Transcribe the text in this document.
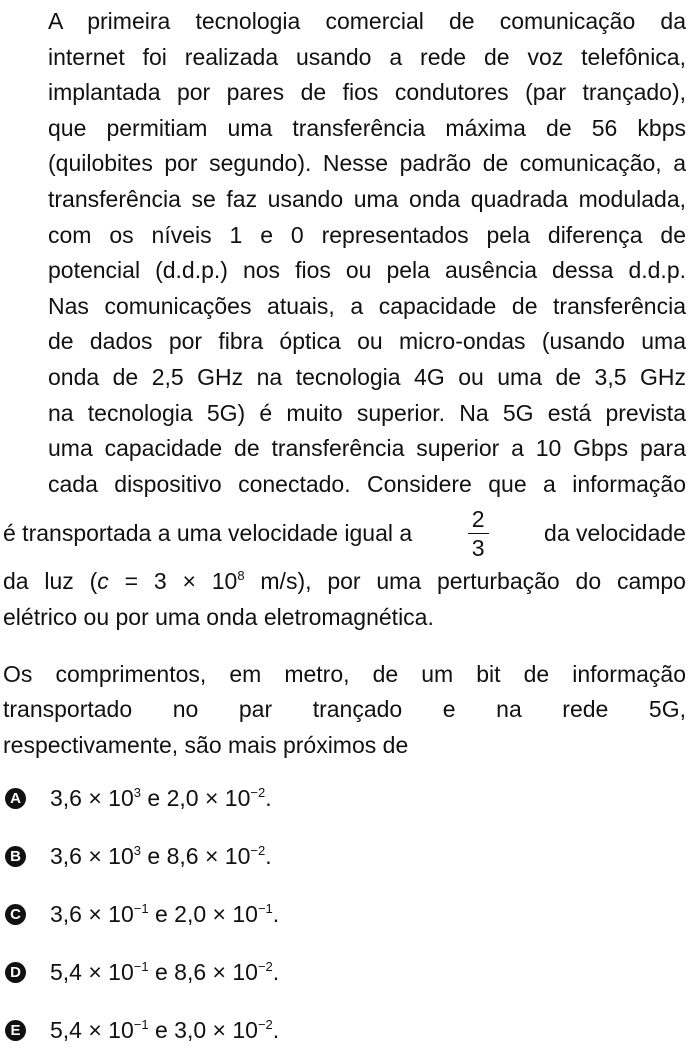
A primeira tecnologia comercial de comunicação da
internet foi realizada usando a rede de voz telefônica,
implantada por pares de fios condutores (par trançado),
que permitiam uma transferência máxima de 56 kbps
(quilobites por segundo). Nesse padrão de comunicação, a
transferência se faz usando uma onda quadrada modulada,
com os níveis 1 e 0 representados pela diferença de
potencial (d.d.p.) nos fios ou pela ausência dessa d.d.p.
Nas comunicações atuais, a capacidade de transferência
de dados por fibra óptica ou micro-ondas (usando uma
onda de 2,5 GHz na tecnologia 4G ou uma de 3,5 GHz
na tecnologia 5G) é muito superior. Na 5G está prevista
uma capacidade de transferência superior a 10 Gbps para
cada dispositivo conectado. Considere que a informação
é transportada a uma velocidade igual a $\frac{2}{3}$ da velocidade
da luz ($c = 3 \times 10^8$ m/s), por uma perturbação do campo
elétrico ou por uma onda eletromagnética.
Os comprimentos, em metro, de um bit de informação
transportado no par trançado e na rede 5G,
respectivamente, são mais próximos de
A $3,6 \times 10^3$ e $2,0 \times 10^{-2}$.
B $3,6 \times 10^3$ e $8,6 \times 10^{-2}$.
C $3,6 \times 10^{-1}$ e $2,0 \times 10^{-1}$.
D $5,4 \times 10^{-1}$ e $8,6 \times 10^{-2}$.
E $5,4 \times 10^{-1}$ e $3,0 \times 10^{-2}$.
